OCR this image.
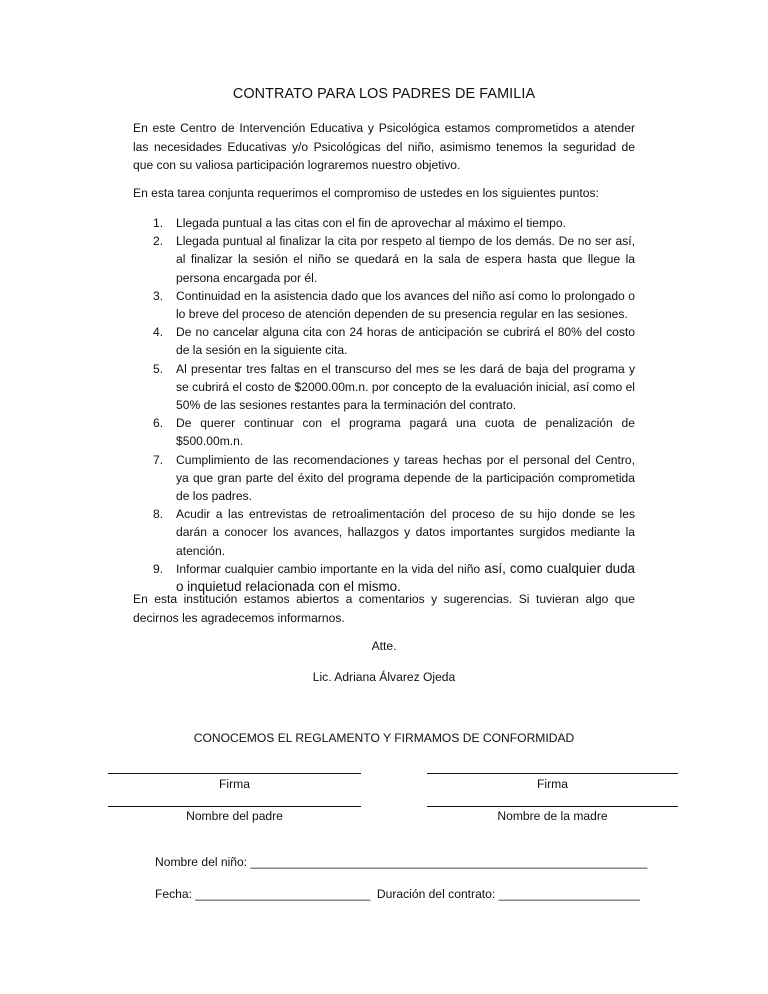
CONTRATO PARA LOS PADRES DE FAMILIA

En este Centro de Intervención Educativa y Psicológica estamos comprometidos a atender las necesidades Educativas y/o Psicológicas del niño, asimismo tenemos la seguridad de que con su valiosa participación lograremos nuestro objetivo.

En esta tarea conjunta requerimos el compromiso de ustedes en los siguientes puntos:

1. Llegada puntual a las citas con el fin de aprovechar al máximo el tiempo.
2. Llegada puntual al finalizar la cita por respeto al tiempo de los demás. De no ser así, al finalizar la sesión el niño se quedará en la sala de espera hasta que llegue la persona encargada por él.
3. Continuidad en la asistencia dado que los avances del niño así como lo prolongado o lo breve del proceso de atención dependen de su presencia regular en las sesiones.
4. De no cancelar alguna cita con 24 horas de anticipación se cubrirá el 80% del costo de la sesión en la siguiente cita.
5. Al presentar tres faltas en el transcurso del mes se les dará de baja del programa y se cubrirá el costo de $2000.00m.n. por concepto de la evaluación inicial, así como el 50% de las sesiones restantes para la terminación del contrato.
6. De querer continuar con el programa pagará una cuota de penalización de $500.00m.n.
7. Cumplimiento de las recomendaciones y tareas hechas por el personal del Centro, ya que gran parte del éxito del programa depende de la participación comprometida de los padres.
8. Acudir a las entrevistas de retroalimentación del proceso de su hijo donde se les darán a conocer los avances, hallazgos y datos importantes surgidos mediante la atención.
9. Informar cualquier cambio importante en la vida del niño así, como cualquier duda o inquietud relacionada con el mismo.

En esta institución estamos abiertos a comentarios y sugerencias. Si tuvieran algo que decirnos les agradecemos informarnos.

Atte.
Lic. Adriana Álvarez Ojeda
CONOCEMOS EL REGLAMENTO Y FIRMAMOS DE CONFORMIDAD
Firma	Firma
Nombre del padre	Nombre de la madre
Nombre del niño: ___________________________________________________________
Fecha: __________________________  Duración del contrato: _____________________
